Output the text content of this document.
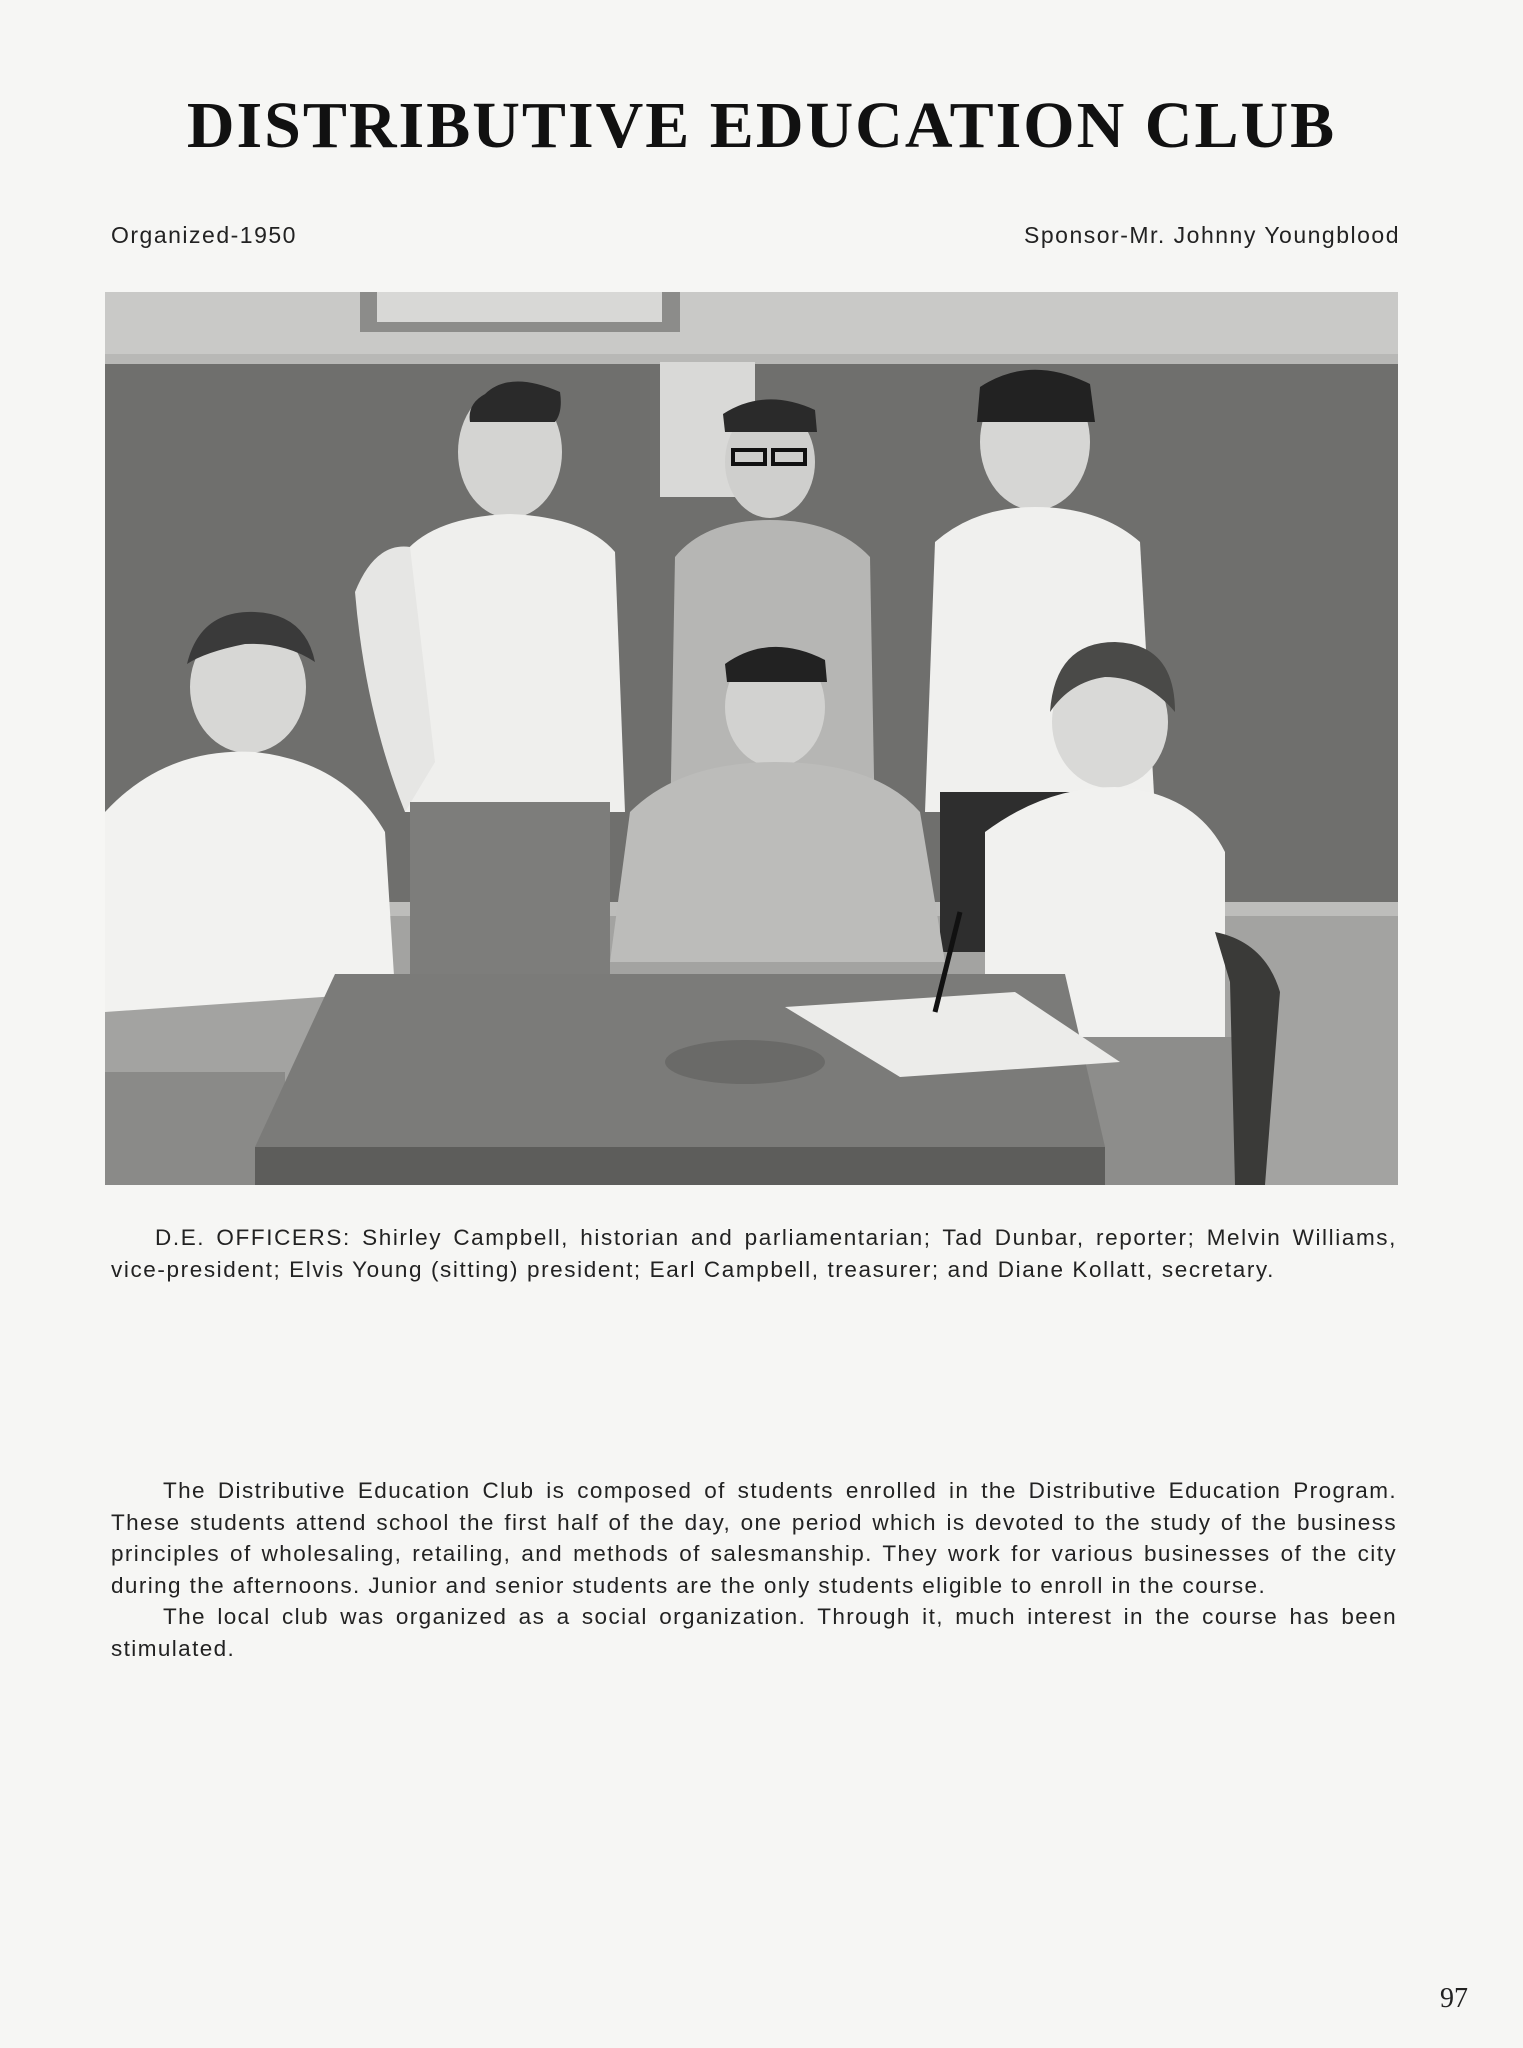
DISTRIBUTIVE EDUCATION CLUB
Organized-1950	Sponsor-Mr. Johnny Youngblood

D.E. OFFICERS: Shirley Campbell, historian and parliamentarian; Tad Dunbar, reporter; Melvin Williams, vice-president; Elvis Young (sitting) president; Earl Campbell, treasurer; and Diane Kollatt, secretary.

The Distributive Education Club is composed of students enrolled in the Distributive Education Program. These students attend school the first half of the day, one period which is devoted to the study of the business principles of wholesaling, retailing, and methods of salesmanship. They work for various businesses of the city during the afternoons. Junior and senior students are the only students eligible to enroll in the course.

The local club was organized as a social organization. Through it, much interest in the course has been stimulated.

97
